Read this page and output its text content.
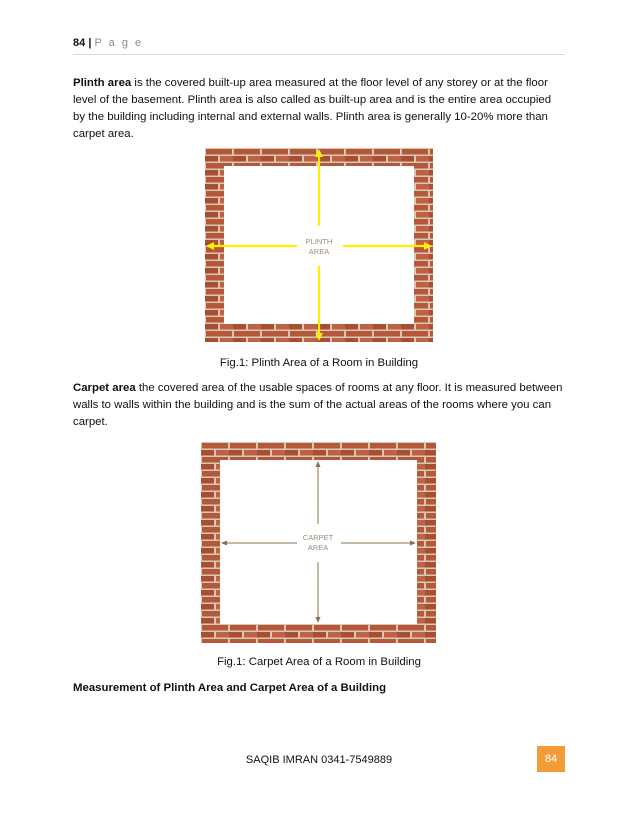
84 | P a g e
Plinth area is the covered built-up area measured at the floor level of any storey or at the floor level of the basement. Plinth area is also called as built-up area and is the entire area occupied by the building including internal and external walls. Plinth area is generally 10-20% more than carpet area.
PLINTH
AREA
Fig.1: Plinth Area of a Room in Building
Carpet area the covered area of the usable spaces of rooms at any floor. It is measured between walls to walls within the building and is the sum of the actual areas of the rooms where you can carpet.
CARPET
AREA
Fig.1: Carpet Area of a Room in Building
Measurement of Plinth Area and Carpet Area of a Building
SAQIB IMRAN 0341-7549889	84
